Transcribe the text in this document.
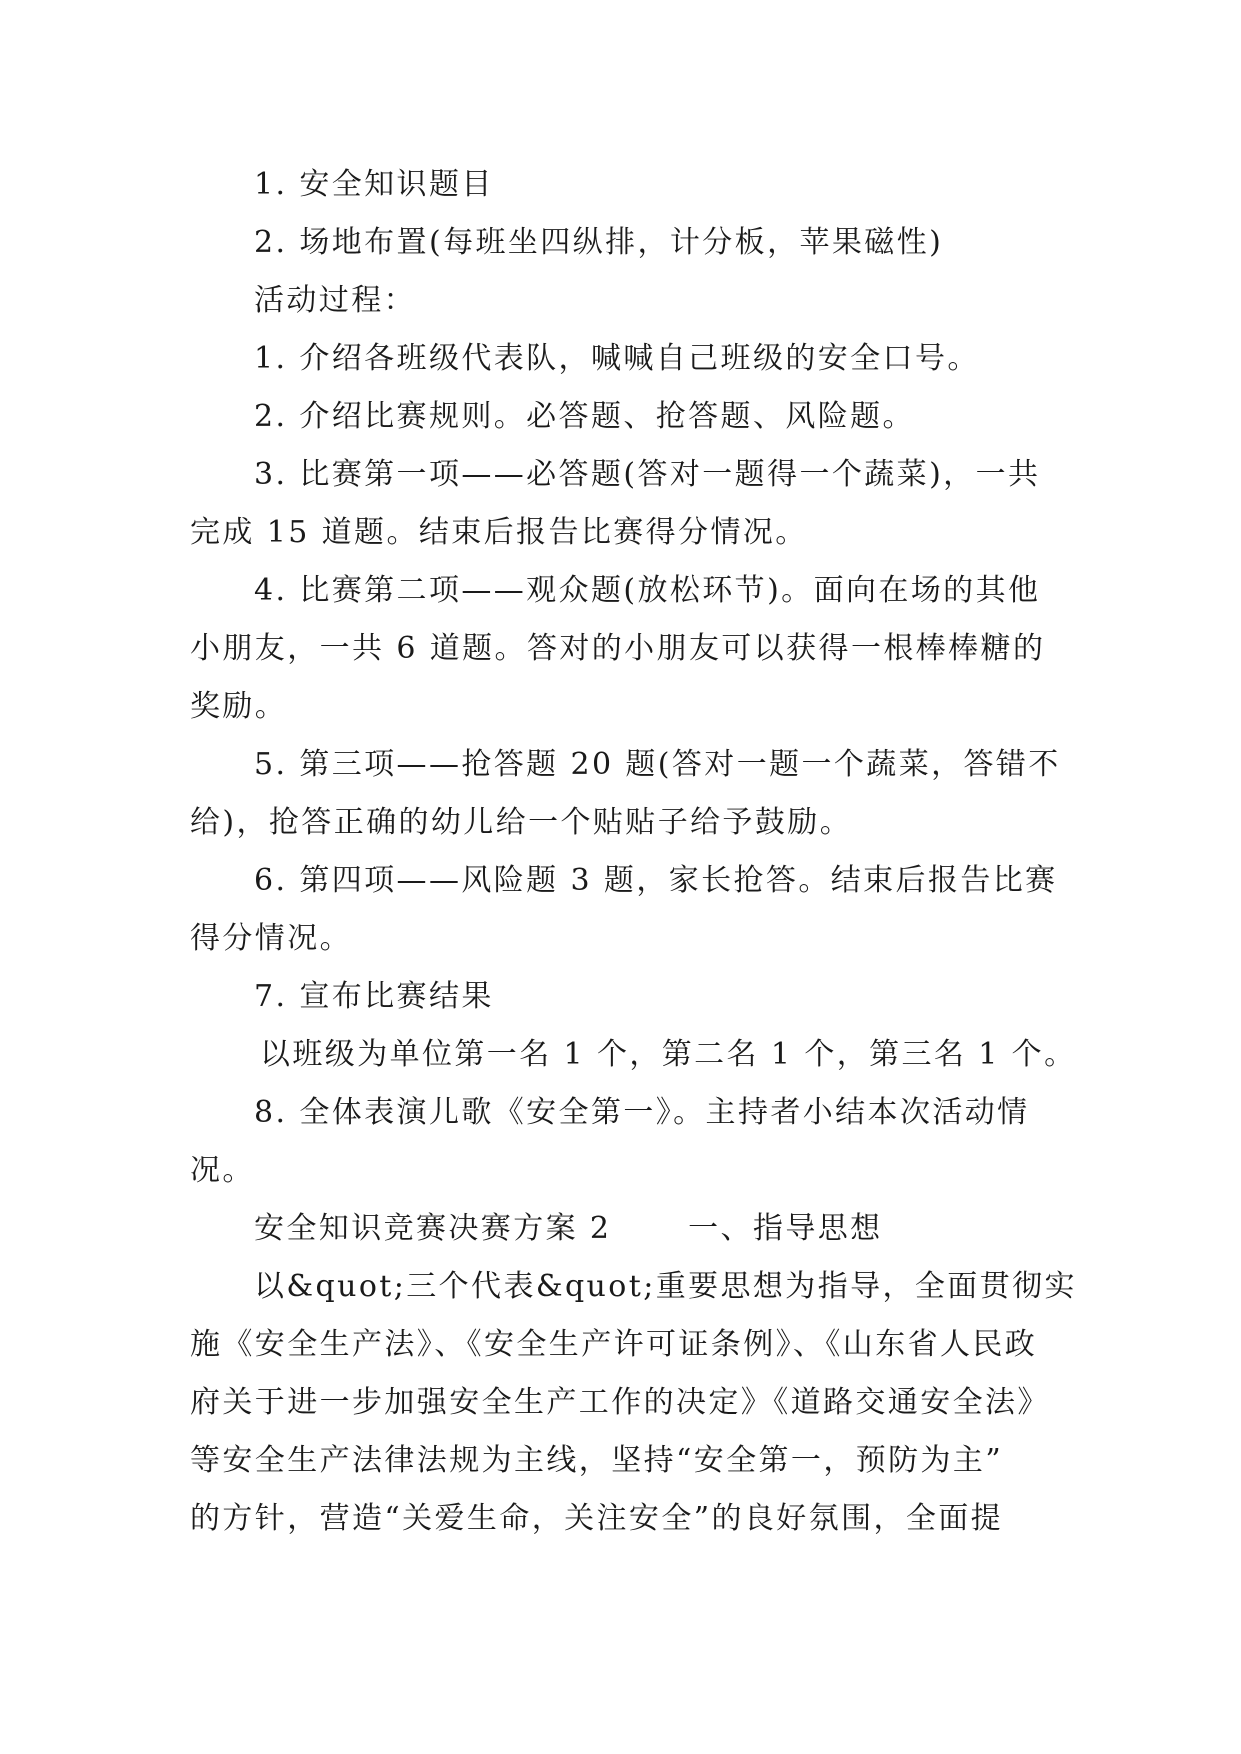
1. 安全知识题目
2. 场地布置(每班坐四纵排，计分板，苹果磁性)
活动过程：
1. 介绍各班级代表队，喊喊自己班级的安全口号。
2. 介绍比赛规则。必答题、抢答题、风险题。
3. 比赛第一项——必答题(答对一题得一个蔬菜)，一共
完成 15 道题。结束后报告比赛得分情况。
4. 比赛第二项——观众题(放松环节)。面向在场的其他
小朋友，一共 6 道题。答对的小朋友可以获得一根棒棒糖的
奖励。
5. 第三项——抢答题 20 题(答对一题一个蔬菜，答错不
给)，抢答正确的幼儿给一个贴贴子给予鼓励。
6. 第四项——风险题 3 题，家长抢答。结束后报告比赛
得分情况。
7. 宣布比赛结果
以班级为单位第一名 1 个，第二名 1 个，第三名 1 个。
8. 全体表演儿歌《安全第一》。主持者小结本次活动情
况。
安全知识竞赛决赛方案 2　　 一、指导思想
以&quot;三个代表&quot;重要思想为指导，全面贯彻实
施《安全生产法》、《安全生产许可证条例》、《山东省人民政
府关于进一步加强安全生产工作的决定》《道路交通安全法》
等安全生产法律法规为主线，坚持“安全第一，预防为主”
的方针，营造“关爱生命，关注安全”的良好氛围，全面提
